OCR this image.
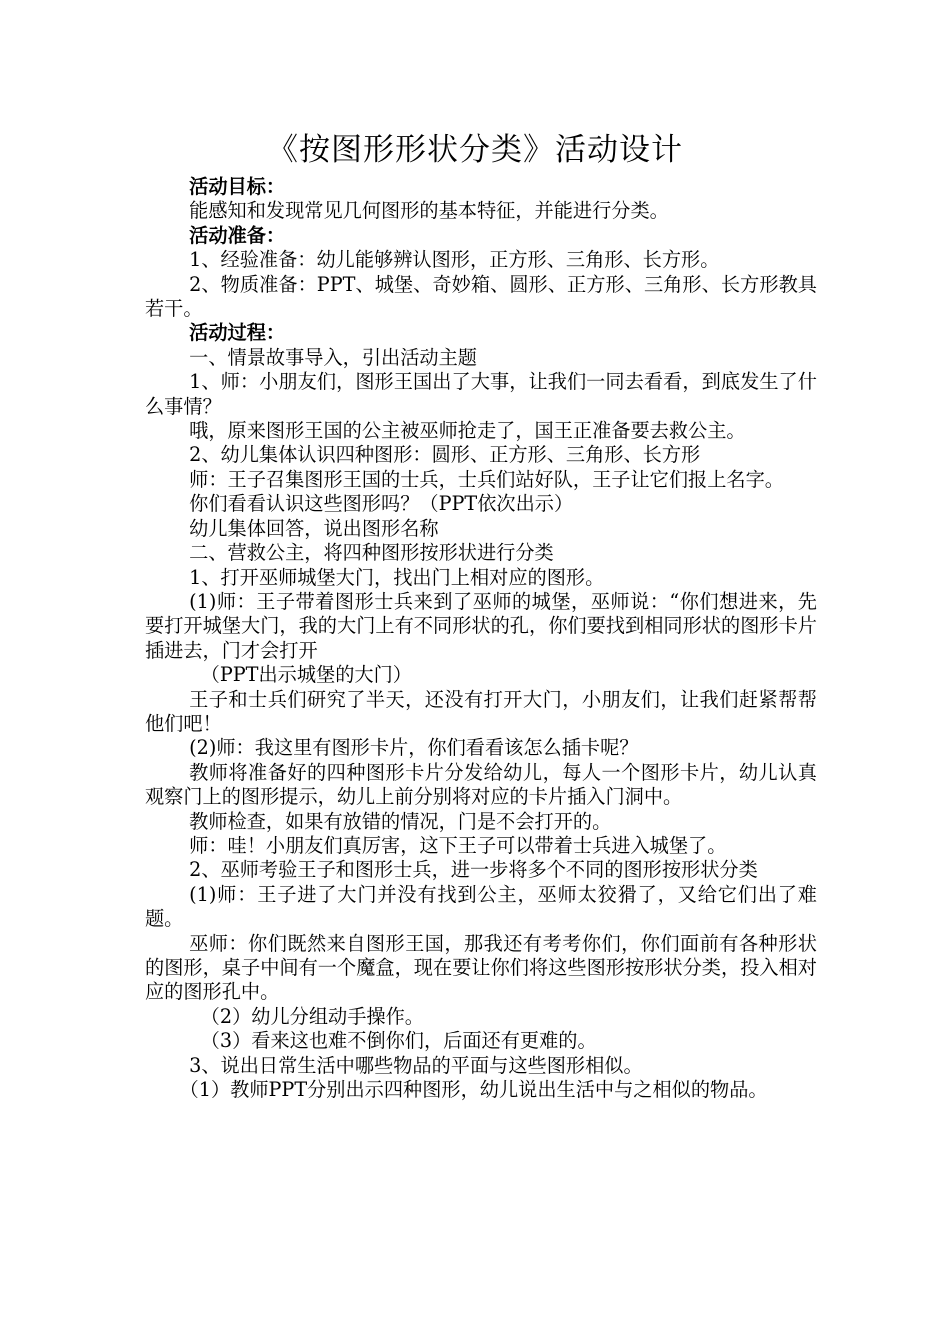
《按图形形状分类》活动设计

活动目标：

能感知和发现常见几何图形的基本特征，并能进行分类。

活动准备：

1、经验准备：幼儿能够辨认图形，正方形、三角形、长方形。

2、物质准备：PPT、城堡、奇妙箱、圆形、正方形、三角形、长方形教具若干。

活动过程：

一、情景故事导入，引出活动主题

1、师：小朋友们，图形王国出了大事，让我们一同去看看，到底发生了什么事情？

哦，原来图形王国的公主被巫师抢走了，国王正准备要去救公主。

2、幼儿集体认识四种图形：圆形、正方形、三角形、长方形

师：王子召集图形王国的士兵，士兵们站好队，王子让它们报上名字。

你们看看认识这些图形吗？（PPT依次出示）

幼儿集体回答，说出图形名称

二、营救公主，将四种图形按形状进行分类

1、打开巫师城堡大门，找出门上相对应的图形。

(1)师：王子带着图形士兵来到了巫师的城堡，巫师说：“你们想进来，先要打开城堡大门，我的大门上有不同形状的孔，你们要找到相同形状的图形卡片插进去，门才会打开

（PPT出示城堡的大门）

王子和士兵们研究了半天，还没有打开大门，小朋友们，让我们赶紧帮帮他们吧！

(2)师：我这里有图形卡片，你们看看该怎么插卡呢？

教师将准备好的四种图形卡片分发给幼儿，每人一个图形卡片，幼儿认真观察门上的图形提示，幼儿上前分别将对应的卡片插入门洞中。

教师检查，如果有放错的情况，门是不会打开的。

师：哇！小朋友们真厉害，这下王子可以带着士兵进入城堡了。

2、巫师考验王子和图形士兵，进一步将多个不同的图形按形状分类

(1)师：王子进了大门并没有找到公主，巫师太狡猾了，又给它们出了难题。

巫师：你们既然来自图形王国，那我还有考考你们，你们面前有各种形状的图形，桌子中间有一个魔盒，现在要让你们将这些图形按形状分类，投入相对应的图形孔中。

（2）幼儿分组动手操作。

（3）看来这也难不倒你们，后面还有更难的。

3、说出日常生活中哪些物品的平面与这些图形相似。

（1）教师PPT分别出示四种图形，幼儿说出生活中与之相似的物品。
